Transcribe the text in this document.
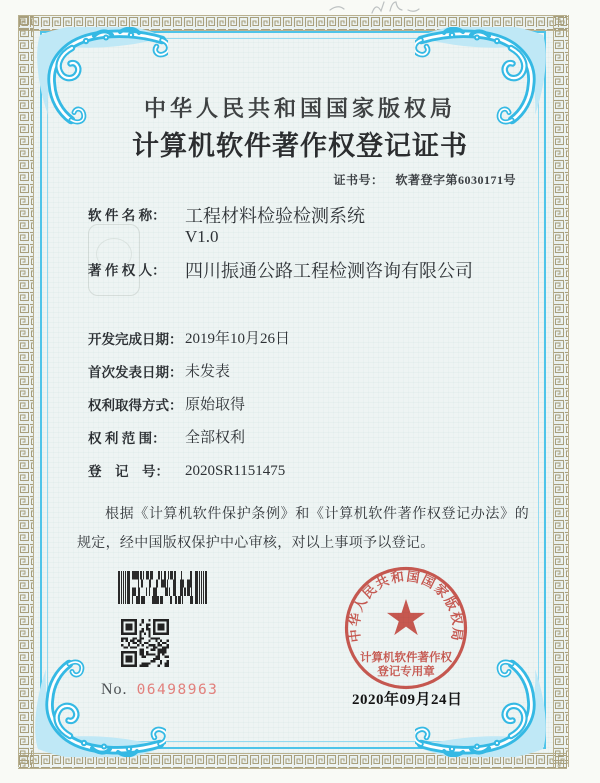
中华人民共和国国家版权局
计算机软件著作权登记证书
证书号： 软著登字第6030171号
软 件 名 称： 工程材料检验检测系统
V1.0
著 作 权 人： 四川振通公路工程检测咨询有限公司
开发完成日期： 2019年10月26日
首次发表日期： 未发表
权利取得方式： 原始取得
权 利 范 围： 全部权利
登　记　号： 2020SR1151475
根据《计算机软件保护条例》和《计算机软件著作权登记办法》的规定，经中国版权保护中心审核，对以上事项予以登记。
No. 06498963
2020年09月24日
中华人民共和国国家版权局
计算机软件著作权
登记专用章
